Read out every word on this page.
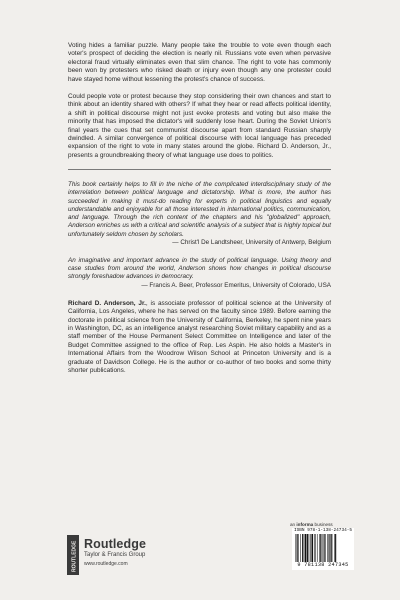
Voting hides a familiar puzzle. Many people take the trouble to vote even though each voter's prospect of deciding the election is nearly nil. Russians vote even when pervasive electoral fraud virtually eliminates even that slim chance. The right to vote has commonly been won by protesters who risked death or injury even though any one protester could have stayed home without lessening the protest's chance of success.

Could people vote or protest because they stop considering their own chances and start to think about an identity shared with others? If what they hear or read affects political identity, a shift in political discourse might not just evoke protests and voting but also make the minority that has imposed the dictator's will suddenly lose heart. During the Soviet Union's final years the cues that set communist discourse apart from standard Russian sharply dwindled. A similar convergence of political discourse with local language has preceded expansion of the right to vote in many states around the globe. Richard D. Anderson, Jr., presents a groundbreaking theory of what language use does to politics.

This book certainly helps to fill in the niche of the complicated interdisciplinary study of the interrelation between political language and dictatorship. What is more, the author has succeeded in making it must-do reading for experts in political linguistics and equally understandable and enjoyable for all those interested in international politics, communication, and language. Through the rich content of the chapters and his "globalized" approach, Anderson enriches us with a critical and scientific analysis of a subject that is highly topical but unfortunately seldom chosen by scholars.

— Christ'l De Landtsheer, University of Antwerp, Belgium

An imaginative and important advance in the study of political language. Using theory and case studies from around the world, Anderson shows how changes in political discourse strongly foreshadow advances in democracy.

— Francis A. Beer, Professor Emeritus, University of Colorado, USA

Richard D. Anderson, Jr., is associate professor of political science at the University of California, Los Angeles, where he has served on the faculty since 1989. Before earning the doctorate in political science from the University of California, Berkeley, he spent nine years in Washington, DC, as an intelligence analyst researching Soviet military capability and as a staff member of the House Permanent Select Committee on Intelligence and later of the Budget Committee assigned to the office of Rep. Les Aspin. He also holds a Master's in International Affairs from the Woodrow Wilson School at Princeton University and is a graduate of Davidson College. He is the author or co-author of two books and some thirty shorter publications.

an informa business
ROUTLEDGE Routledge
Taylor & Francis Group
www.routledge.com
ISBN 978-1-138-24734-5
9 781138 247345
